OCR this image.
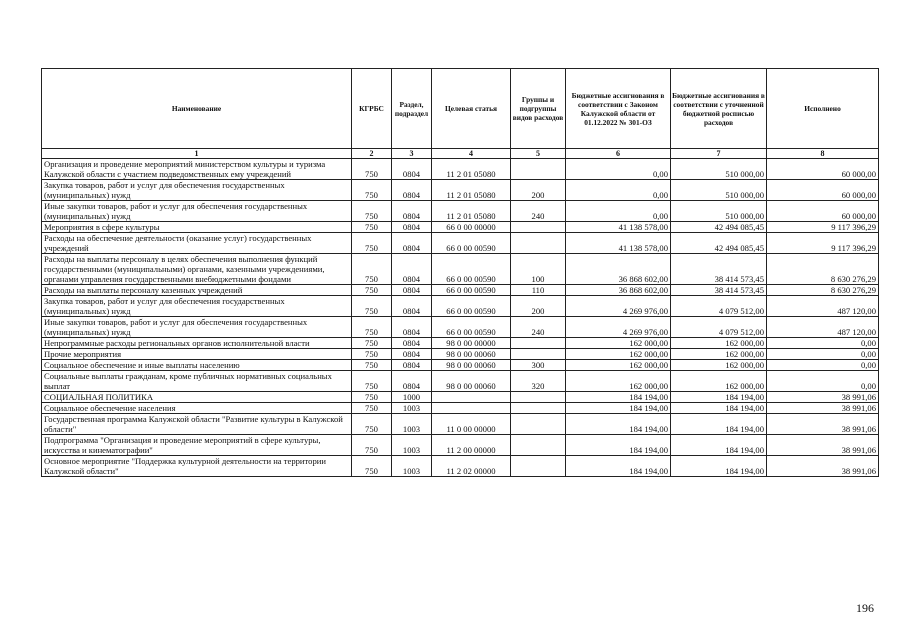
Наименование	КГРБС	Раздел, подраздел	Целевая статья	Группы и подгруппы видов расходов	Бюджетные ассигнования в соответствии с Законом Калужской области от 01.12.2022 № 301-ОЗ	Бюджетные ассигнования в соответствии с уточненной бюджетной росписью расходов	Исполнено
1	2	3	4	5	6	7	8
Организация и проведение мероприятий министерством культуры и туризма Калужской области с участием подведомственных ему учреждений	750	0804	11 2 01 05080		0,00	510 000,00	60 000,00
Закупка товаров, работ и услуг для обеспечения государственных (муниципальных) нужд	750	0804	11 2 01 05080	200	0,00	510 000,00	60 000,00
Иные закупки товаров, работ и услуг для обеспечения государственных (муниципальных) нужд	750	0804	11 2 01 05080	240	0,00	510 000,00	60 000,00
Мероприятия в сфере культуры	750	0804	66 0 00 00000		41 138 578,00	42 494 085,45	9 117 396,29
Расходы на обеспечение деятельности (оказание услуг) государственных учреждений	750	0804	66 0 00 00590		41 138 578,00	42 494 085,45	9 117 396,29
Расходы на выплаты персоналу в целях обеспечения выполнения функций государственными (муниципальными) органами, казенными учреждениями, органами управления государственными внебюджетными фондами	750	0804	66 0 00 00590	100	36 868 602,00	38 414 573,45	8 630 276,29
Расходы на выплаты персоналу казенных учреждений	750	0804	66 0 00 00590	110	36 868 602,00	38 414 573,45	8 630 276,29
Закупка товаров, работ и услуг для обеспечения государственных (муниципальных) нужд	750	0804	66 0 00 00590	200	4 269 976,00	4 079 512,00	487 120,00
Иные закупки товаров, работ и услуг для обеспечения государственных (муниципальных) нужд	750	0804	66 0 00 00590	240	4 269 976,00	4 079 512,00	487 120,00
Непрограммные расходы региональных органов исполнительной власти	750	0804	98 0 00 00000		162 000,00	162 000,00	0,00
Прочие мероприятия	750	0804	98 0 00 00060		162 000,00	162 000,00	0,00
Социальное обеспечение и иные выплаты населению	750	0804	98 0 00 00060	300	162 000,00	162 000,00	0,00
Социальные выплаты гражданам, кроме публичных нормативных социальных выплат	750	0804	98 0 00 00060	320	162 000,00	162 000,00	0,00
СОЦИАЛЬНАЯ ПОЛИТИКА	750	1000			184 194,00	184 194,00	38 991,06
Социальное обеспечение населения	750	1003			184 194,00	184 194,00	38 991,06
Государственная программа Калужской области "Развитие культуры в Калужской области"	750	1003	11 0 00 00000		184 194,00	184 194,00	38 991,06
Подпрограмма "Организация и проведение мероприятий в сфере культуры, искусства и кинематографии"	750	1003	11 2 00 00000		184 194,00	184 194,00	38 991,06
Основное мероприятие "Поддержка культурной деятельности на территории Калужской области"	750	1003	11 2 02 00000		184 194,00	184 194,00	38 991,06
196
